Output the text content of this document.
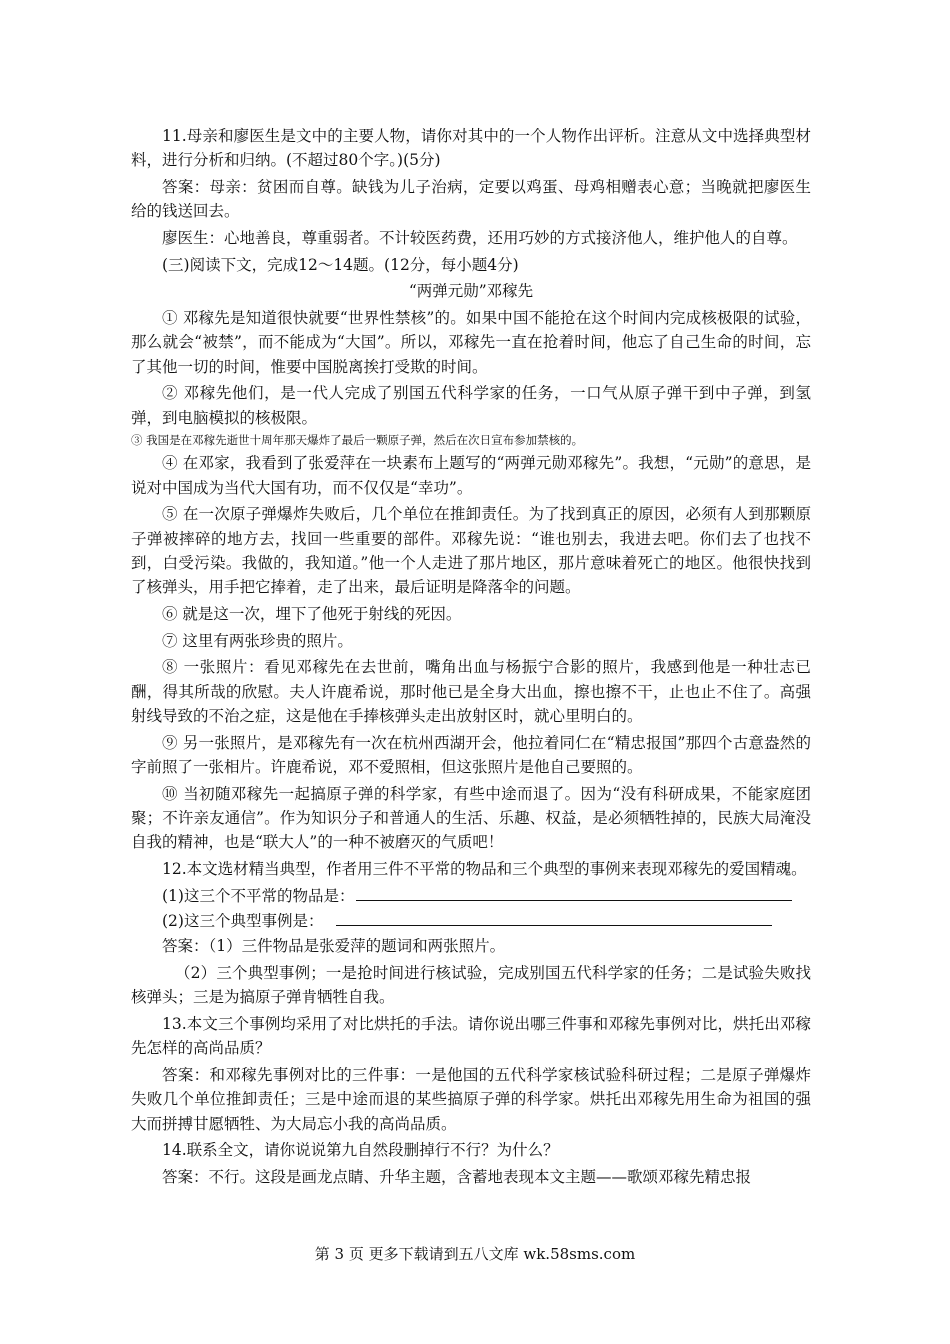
11.母亲和廖医生是文中的主要人物，请你对其中的一个人物作出评析。注意从文中选择典型材料，进行分析和归纳。(不超过80个字。)(5分)

答案：母亲：贫困而自尊。缺钱为儿子治病，定要以鸡蛋、母鸡相赠表心意；当晚就把廖医生给的钱送回去。

廖医生：心地善良，尊重弱者。不计较医药费，还用巧妙的方式接济他人，维护他人的自尊。

(三)阅读下文，完成12～14题。(12分，每小题4分)

“两弹元勋”邓稼先

① 邓稼先是知道很快就要“世界性禁核”的。如果中国不能抢在这个时间内完成核极限的试验，那么就会“被禁”，而不能成为“大国”。所以，邓稼先一直在抢着时间，他忘了自己生命的时间，忘了其他一切的时间，惟要中国脱离挨打受欺的时间。

② 邓稼先他们，是一代人完成了别国五代科学家的任务，一口气从原子弹干到中子弹，到氢弹，到电脑模拟的核极限。

③ 我国是在邓稼先逝世十周年那天爆炸了最后一颗原子弹，然后在次日宣布参加禁核的。

④ 在邓家，我看到了张爱萍在一块素布上题写的“两弹元勋邓稼先”。我想，“元勋”的意思，是说对中国成为当代大国有功，而不仅仅是“幸功”。

⑤ 在一次原子弹爆炸失败后，几个单位在推卸责任。为了找到真正的原因，必须有人到那颗原子弹被摔碎的地方去，找回一些重要的部件。邓稼先说：“谁也别去，我进去吧。你们去了也找不到，白受污染。我做的，我知道。”他一个人走进了那片地区，那片意味着死亡的地区。他很快找到了核弹头，用手把它捧着，走了出来，最后证明是降落伞的问题。

⑥ 就是这一次，埋下了他死于射线的死因。

⑦ 这里有两张珍贵的照片。

⑧ 一张照片：看见邓稼先在去世前，嘴角出血与杨振宁合影的照片，我感到他是一种壮志已酬，得其所哉的欣慰。夫人许鹿希说，那时他已是全身大出血，擦也擦不干，止也止不住了。高强射线导致的不治之症，这是他在手捧核弹头走出放射区时，就心里明白的。

⑨ 另一张照片，是邓稼先有一次在杭州西湖开会，他拉着同仁在“精忠报国”那四个古意盎然的字前照了一张相片。许鹿希说，邓不爱照相，但这张照片是他自己要照的。

⑩ 当初随邓稼先一起搞原子弹的科学家，有些中途而退了。因为“没有科研成果，不能家庭团聚；不许亲友通信”。作为知识分子和普通人的生活、乐趣、权益，是必须牺牲掉的，民族大局淹没自我的精神，也是“联大人”的一种不被磨灭的气质吧！

12.本文选材精当典型，作者用三件不平常的物品和三个典型的事例来表现邓稼先的爱国精魂。

(1)这三个不平常的物品是：
(2)这三个典型事例是：

答案：（1）三件物品是张爱萍的题词和两张照片。

（2）三个典型事例；一是抢时间进行核试验，完成别国五代科学家的任务；二是试验失败找核弹头；三是为搞原子弹肯牺牲自我。

13.本文三个事例均采用了对比烘托的手法。请你说出哪三件事和邓稼先事例对比，烘托出邓稼先怎样的高尚品质？

答案：和邓稼先事例对比的三件事：一是他国的五代科学家核试验科研过程；二是原子弹爆炸失败几个单位推卸责任；三是中途而退的某些搞原子弹的科学家。烘托出邓稼先用生命为祖国的强大而拼搏甘愿牺牲、为大局忘小我的高尚品质。

14.联系全文，请你说说第九自然段删掉行不行？为什么？

答案：不行。这段是画龙点睛、升华主题，含蓄地表现本文主题——歌颂邓稼先精忠报

第 3 页 更多下载请到五八文库 wk.58sms.com
